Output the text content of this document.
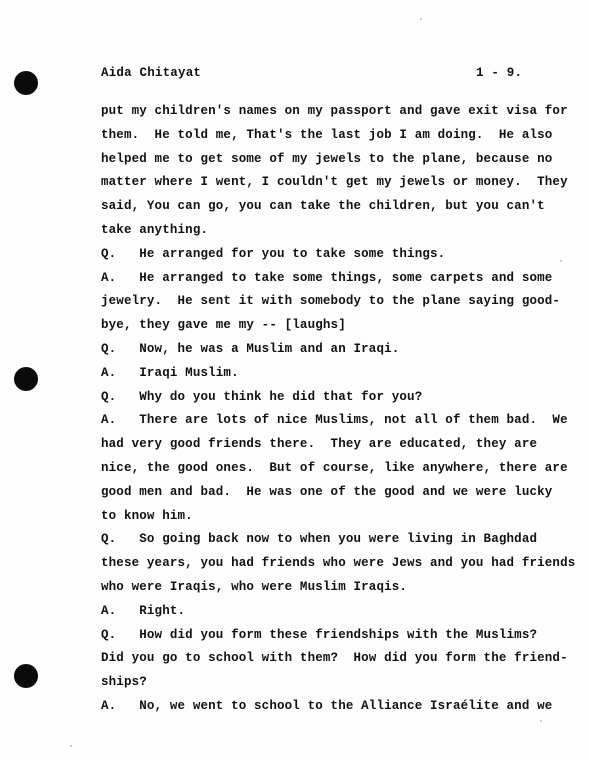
Aida Chitayat	1 - 9.
put my children's names on my passport and gave exit visa for
them.  He told me, That's the last job I am doing.  He also
helped me to get some of my jewels to the plane, because no
matter where I went, I couldn't get my jewels or money.  They
said, You can go, you can take the children, but you can't
take anything.
Q.   He arranged for you to take some things.
A.   He arranged to take some things, some carpets and some
jewelry.  He sent it with somebody to the plane saying good-
bye, they gave me my -- [laughs]
Q.   Now, he was a Muslim and an Iraqi.
A.   Iraqi Muslim.
Q.   Why do you think he did that for you?
A.   There are lots of nice Muslims, not all of them bad.  We
had very good friends there.  They are educated, they are
nice, the good ones.  But of course, like anywhere, there are
good men and bad.  He was one of the good and we were lucky
to know him.
Q.   So going back now to when you were living in Baghdad
these years, you had friends who were Jews and you had friends
who were Iraqis, who were Muslim Iraqis.
A.   Right.
Q.   How did you form these friendships with the Muslims?
Did you go to school with them?  How did you form the friend-
ships?
A.   No, we went to school to the Alliance Israélite and we
